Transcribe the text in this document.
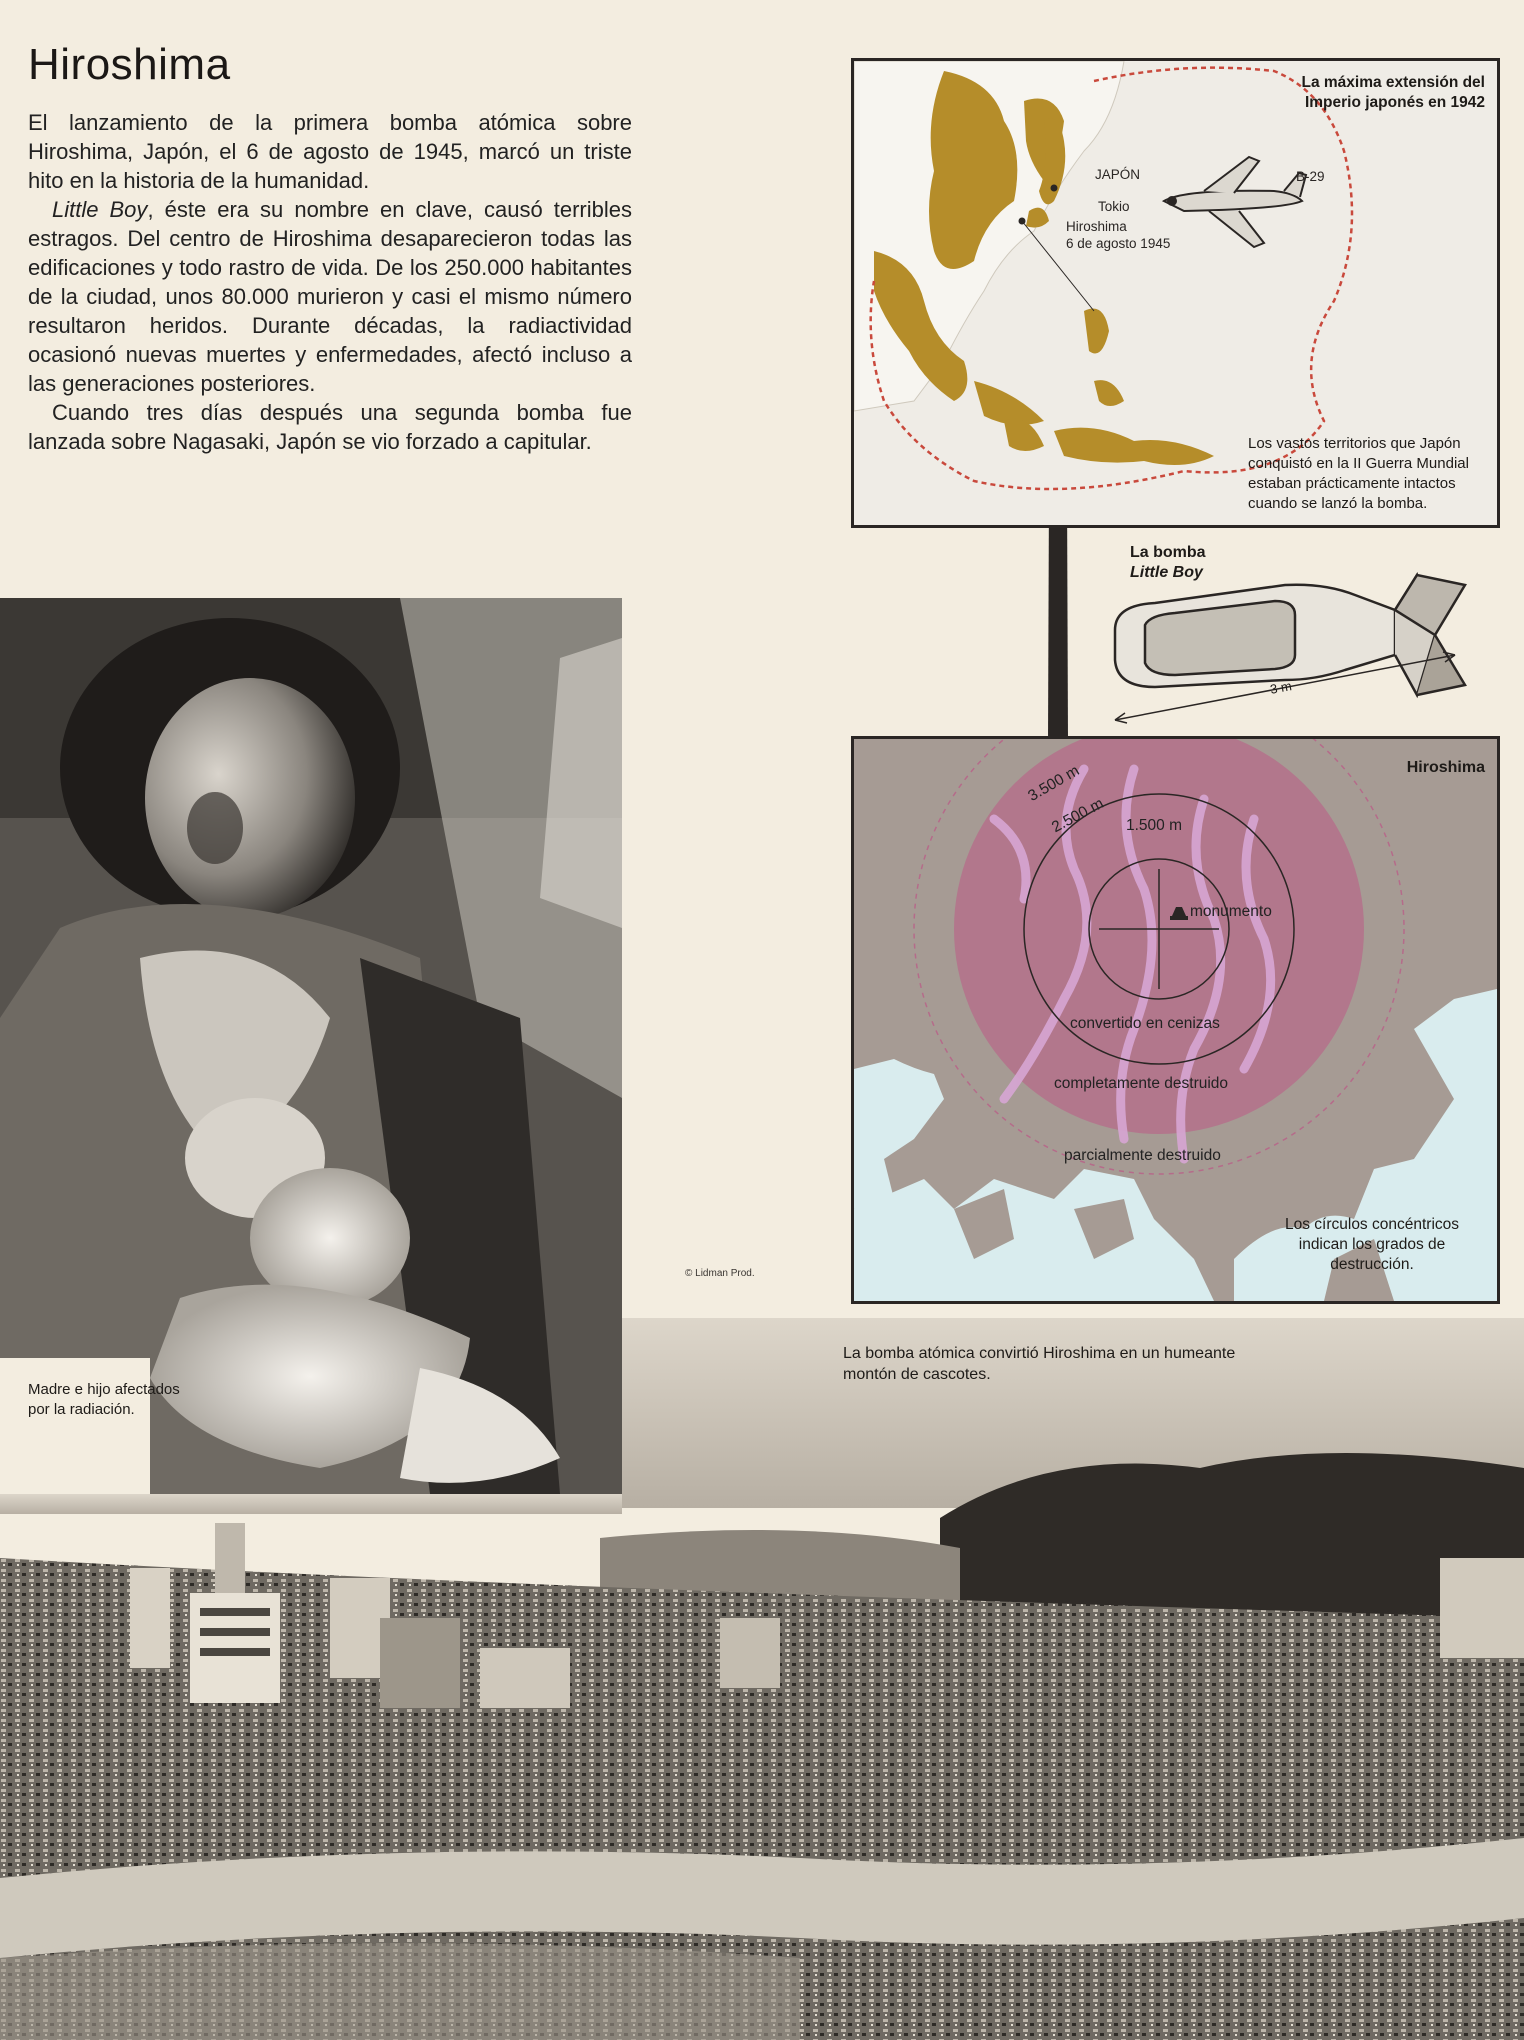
Hiroshima

El lanzamiento de la primera bomba atómica sobre Hiroshima, Japón, el 6 de agosto de 1945, marcó un triste hito en la historia de la humanidad.

Little Boy, éste era su nombre en clave, causó terribles estragos. Del centro de Hiroshima desaparecieron todas las edificaciones y todo rastro de vida. De los 250.000 habitantes de la ciudad, unos 80.000 murieron y casi el mismo número resultaron heridos. Durante décadas, la radiactividad ocasionó nuevas muertes y enfermedades, afectó incluso a las generaciones posteriores.

Cuando tres días después una segunda bomba fue lanzada sobre Nagasaki, Japón se vio forzado a capitular.

Madre e hijo afectados por la radiación.
© Lidman Prod.
La bomba atómica convirtió Hiroshima en un humeante montón de cascotes.
La máxima extensión del
Imperio japonés en 1942
JAPÓN
Tokio
Hiroshima
6 de agosto 1945
B-29
Los vastos territorios que Japón conquistó en la II Guerra Mundial estaban prácticamente intactos cuando se lanzó la bomba.
La bomba
Little Boy
3 m
Hiroshima
3.500 m
2.500 m 1.500 m
monumento
convertido en cenizas
completamente destruido
parcialmente destruido
Los círculos concéntricos indican los grados de destrucción.
